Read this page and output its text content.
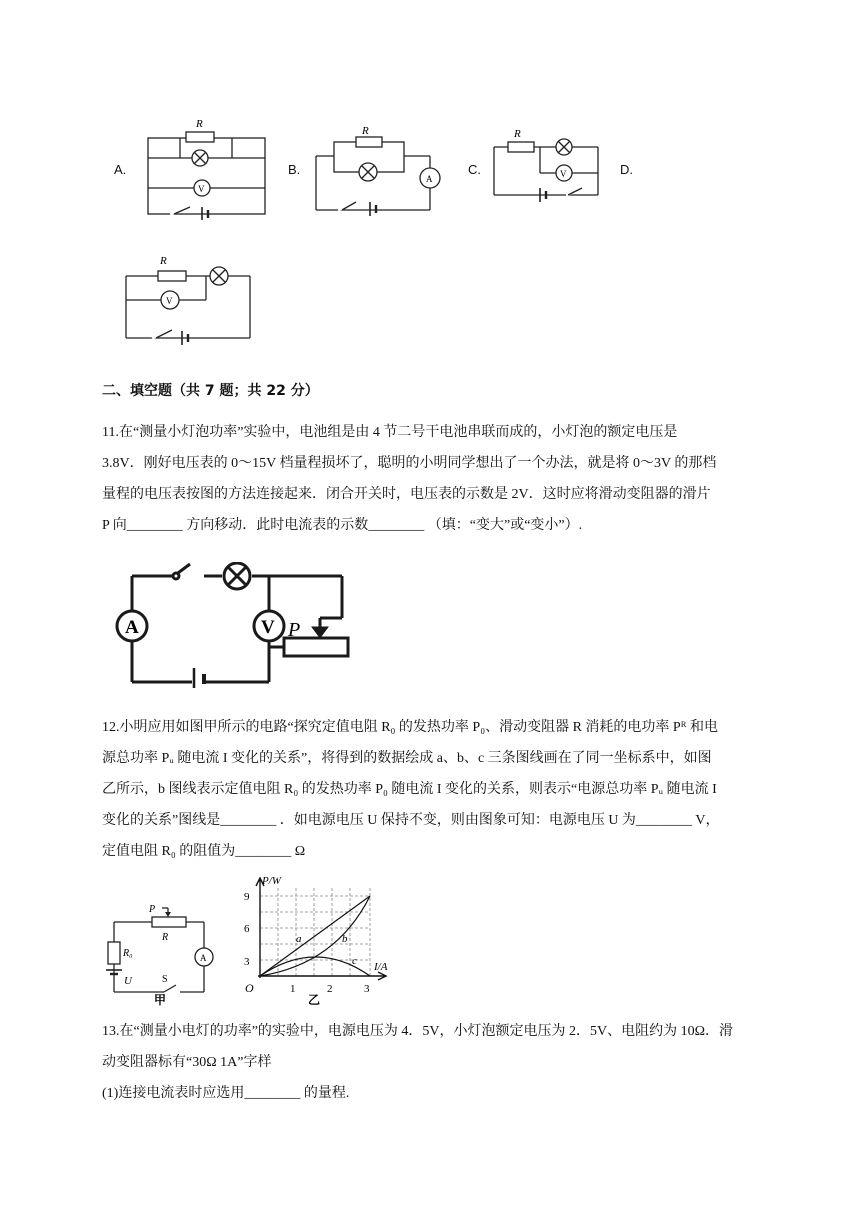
A.
R
V
B.
R
A
C.
R
V	D.
R
V
二、填空题（共 7 题；共 22 分）
11.在“测量小灯泡功率”实验中，电池组是由 4 节二号干电池串联而成的，小灯泡的额定电压是
3.8V．刚好电压表的 0～15V 档量程损坏了，聪明的小明同学想出了一个办法，就是将 0～3V 的那档
量程的电压表按图的方法连接起来．闭合开关时，电压表的示数是 2V．这时应将滑动变阻器的滑片
P 向________ 方向移动．此时电流表的示数________ （填：“变大”或“变小”）.
A	V P
12.小明应用如图甲所示的电路“探究定值电阻 R₀ 的发热功率 P₀、滑动变阻器 R 消耗的电功率 Pᴿ 和电
源总功率 Pᵤ 随电流 I 变化的关系”，将得到的数据绘成 a、b、c 三条图线画在了同一坐标系中，如图
乙所示，b 图线表示定值电阻 R₀ 的发热功率 P₀ 随电流 I 变化的关系，则表示“电源总功率 Pᵤ 随电流 I
变化的关系”图线是________ ．如电源电压 U 保持不变，则由图象可知：电源电压 U 为________ V，
定值电阻 R₀ 的阻值为________ Ω
P
R
A
R₀
U	S
甲
P/W
I/A
O
3
6
9
1	2	3
a	b
c
乙
13.在“测量小电灯的功率”的实验中，电源电压为 4．5V，小灯泡额定电压为 2．5V、电阻约为 10Ω．滑
动变阻器标有“30Ω 1A”字样
(1)连接电流表时应选用________ 的量程.
